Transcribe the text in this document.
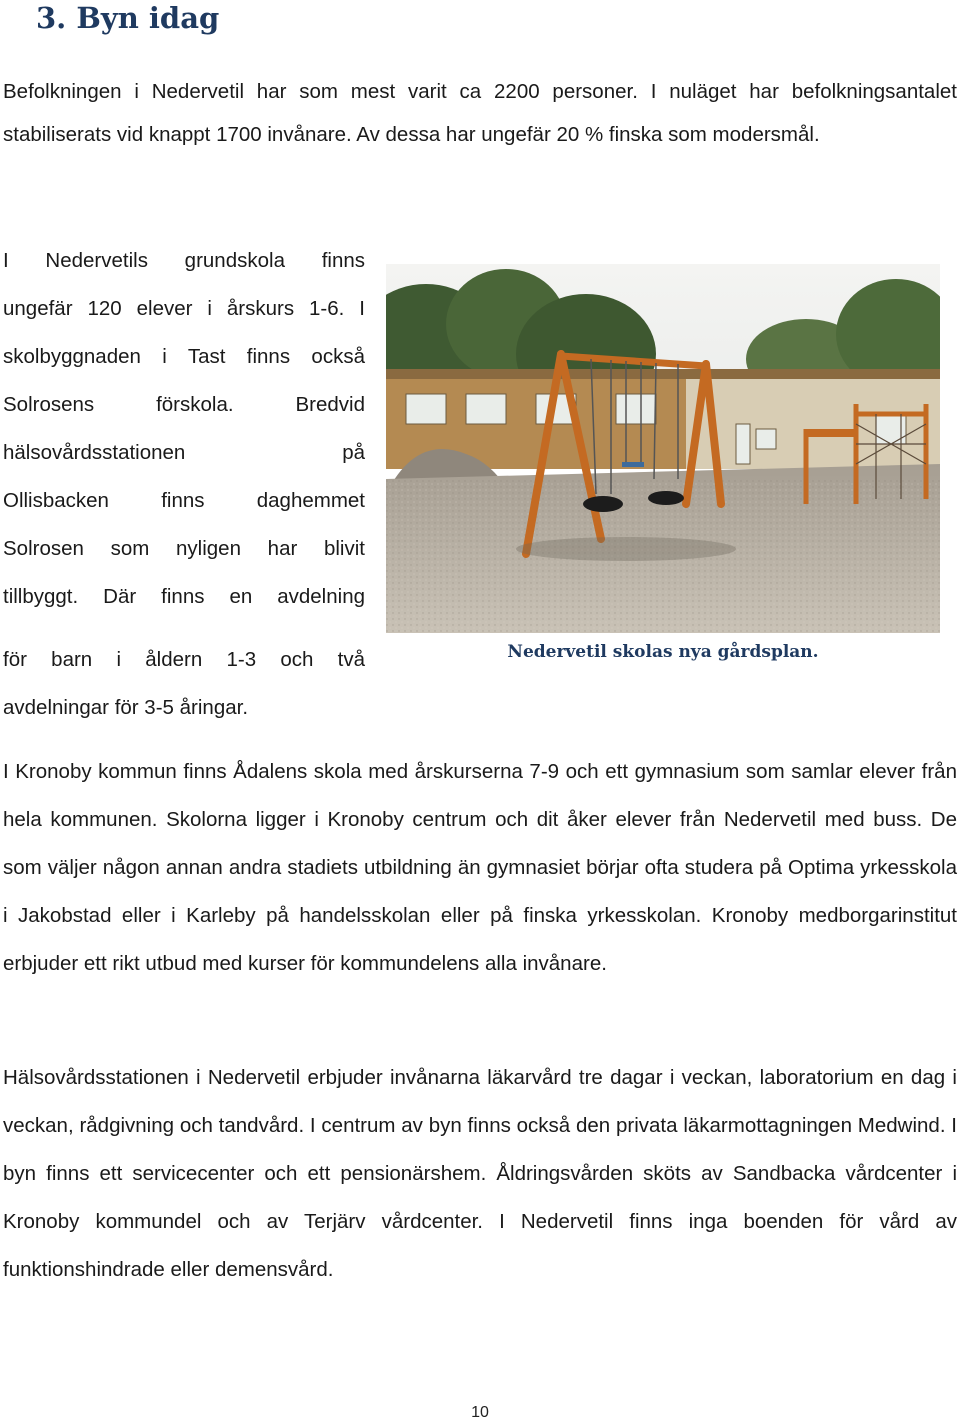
3. Byn idag
Befolkningen i Nedervetil har som mest varit ca 2200 personer. I nuläget har befolkningsantalet stabiliserats vid knappt 1700 invånare. Av dessa har ungefär 20 % finska som modersmål.
I Nedervetils grundskola finns
ungefär 120 elever i årskurs 1-6. I
skolbyggnaden i Tast finns också
Solrosens förskola. Bredvid
hälsovårdsstationen på
Ollisbacken finns daghemmet
Solrosen som nyligen har blivit
tillbyggt. Där finns en avdelning
för barn i åldern 1-3 och två
avdelningar för 3-5 åringar.
Nedervetil skolas nya gårdsplan.
I Kronoby kommun finns Ådalens skola med årskurserna 7-9 och ett gymnasium som samlar elever från hela kommunen. Skolorna ligger i Kronoby centrum och dit åker elever från Nedervetil med buss. De som väljer någon annan andra stadiets utbildning än gymnasiet börjar ofta studera på Optima yrkesskola i Jakobstad eller i Karleby på handelsskolan eller på finska yrkesskolan. Kronoby medborgarinstitut erbjuder ett rikt utbud med kurser för kommundelens alla invånare.
Hälsovårdsstationen i Nedervetil erbjuder invånarna läkarvård tre dagar i veckan, laboratorium en dag i veckan, rådgivning och tandvård. I centrum av byn finns också den privata läkarmottagningen Medwind. I byn finns ett servicecenter och ett pensionärshem. Åldringsvården sköts av Sandbacka vårdcenter i Kronoby kommundel och av Terjärv vårdcenter. I Nedervetil finns inga boenden för vård av funktionshindrade eller demensvård.
10
